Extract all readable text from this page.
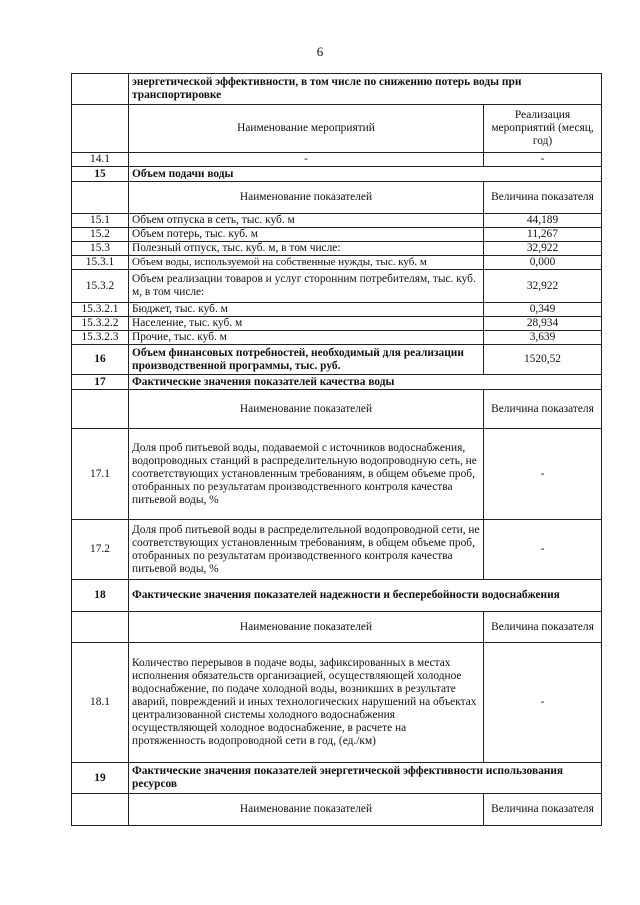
6
	энергетической эффективности, в том числе по снижению потерь воды при транспортировке	
	Наименование мероприятий	Реализация мероприятий (месяц, год)
14.1	-	-
15	Объем подачи воды	
	Наименование показателей	Величина показателя
15.1	Объем отпуска в сеть, тыс. куб. м	44,189
15.2	Объем потерь, тыс. куб. м	11,267
15.3	Полезный отпуск, тыс. куб. м, в том числе:	32,922
15.3.1	Объем воды, используемой на собственные нужды, тыс. куб. м	0,000
15.3.2	Объем реализации товаров и услуг сторонним потребителям, тыс. куб. м, в том числе:	32,922
15.3.2.1	Бюджет, тыс. куб. м	0,349
15.3.2.2	Население, тыс. куб. м	28,934
15.3.2.3	Прочие, тыс. куб. м	3,639
16	Объем финансовых потребностей, необходимый для реализации производственной программы, тыс. руб.	1520,52
17	Фактические значения показателей качества воды	
	Наименование показателей	Величина показателя
17.1	Доля проб питьевой воды, подаваемой с источников водоснабжения, водопроводных станций в распределительную водопроводную сеть, не соответствующих установленным требованиям, в общем объеме проб, отобранных по результатам производственного контроля качества питьевой воды, %	-
17.2	Доля проб питьевой воды в распределительной водопроводной сети, не соответствующих установленным требованиям, в общем объеме проб, отобранных по результатам производственного контроля качества питьевой воды, %	-
18	Фактические значения показателей надежности и бесперебойности водоснабжения	
	Наименование показателей	Величина показателя
18.1	Количество перерывов в подаче воды, зафиксированных в местах исполнения обязательств организацией, осуществляющей холодное водоснабжение, по подаче холодной воды, возникших в результате аварий, повреждений и иных технологических нарушений на объектах централизованной системы холодного водоснабжения осуществляющей холодное водоснабжение, в расчете на протяженность водопроводной сети в год, (ед./км)	-
19	Фактические значения показателей энергетической эффективности использования ресурсов	
	Наименование показателей	Величина показателя
